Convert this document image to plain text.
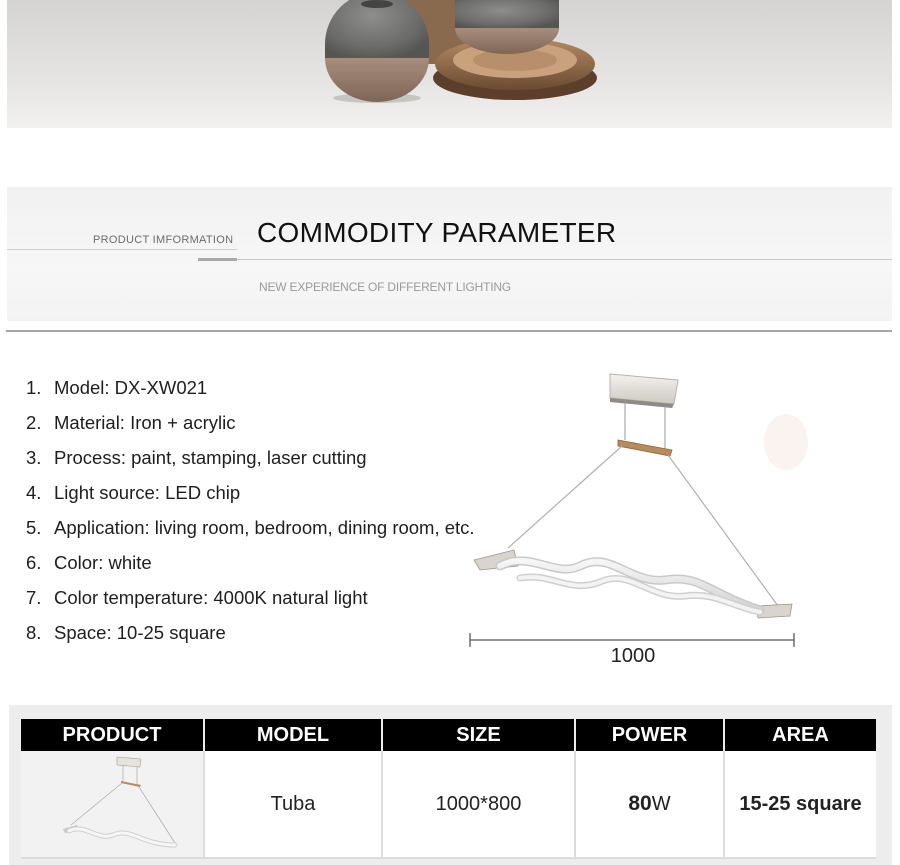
PRODUCT IMFORMATION COMMODITY PARAMETER
NEW EXPERIENCE OF DIFFERENT LIGHTING
1. Model: DX-XW021
2. Material: Iron + acrylic
3. Process: paint, stamping, laser cutting
4. Light source: LED chip
5. Application: living room, bedroom, dining room, etc.
6. Color: white
7. Color temperature: 4000K natural light
8. Space: 10-25 square
1000
PRODUCT	MODEL	SIZE	POWER	AREA
	Tuba	1000*800	80W	15-25 square
